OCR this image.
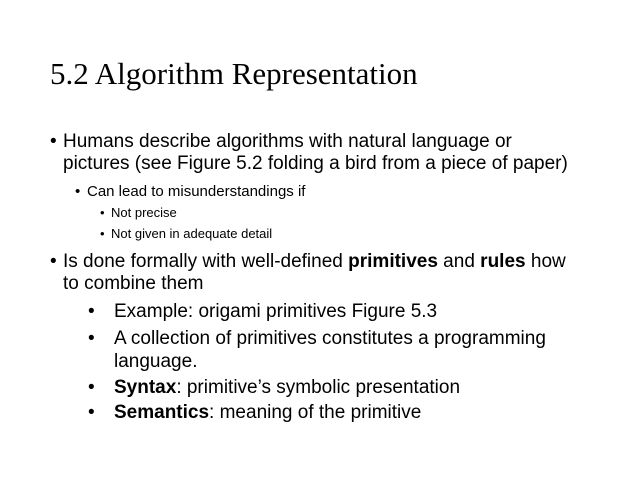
5.2 Algorithm Representation
• Humans describe algorithms with natural language or
pictures (see Figure 5.2 folding a bird from a piece of paper)
• Can lead to misunderstandings if
• Not precise
• Not given in adequate detail
• Is done formally with well-defined primitives and rules how
to combine them
•	Example: origami primitives Figure 5.3
• A collection of primitives constitutes a programming
language.
•	Syntax: primitive’s symbolic presentation
•	Semantics: meaning of the primitive
